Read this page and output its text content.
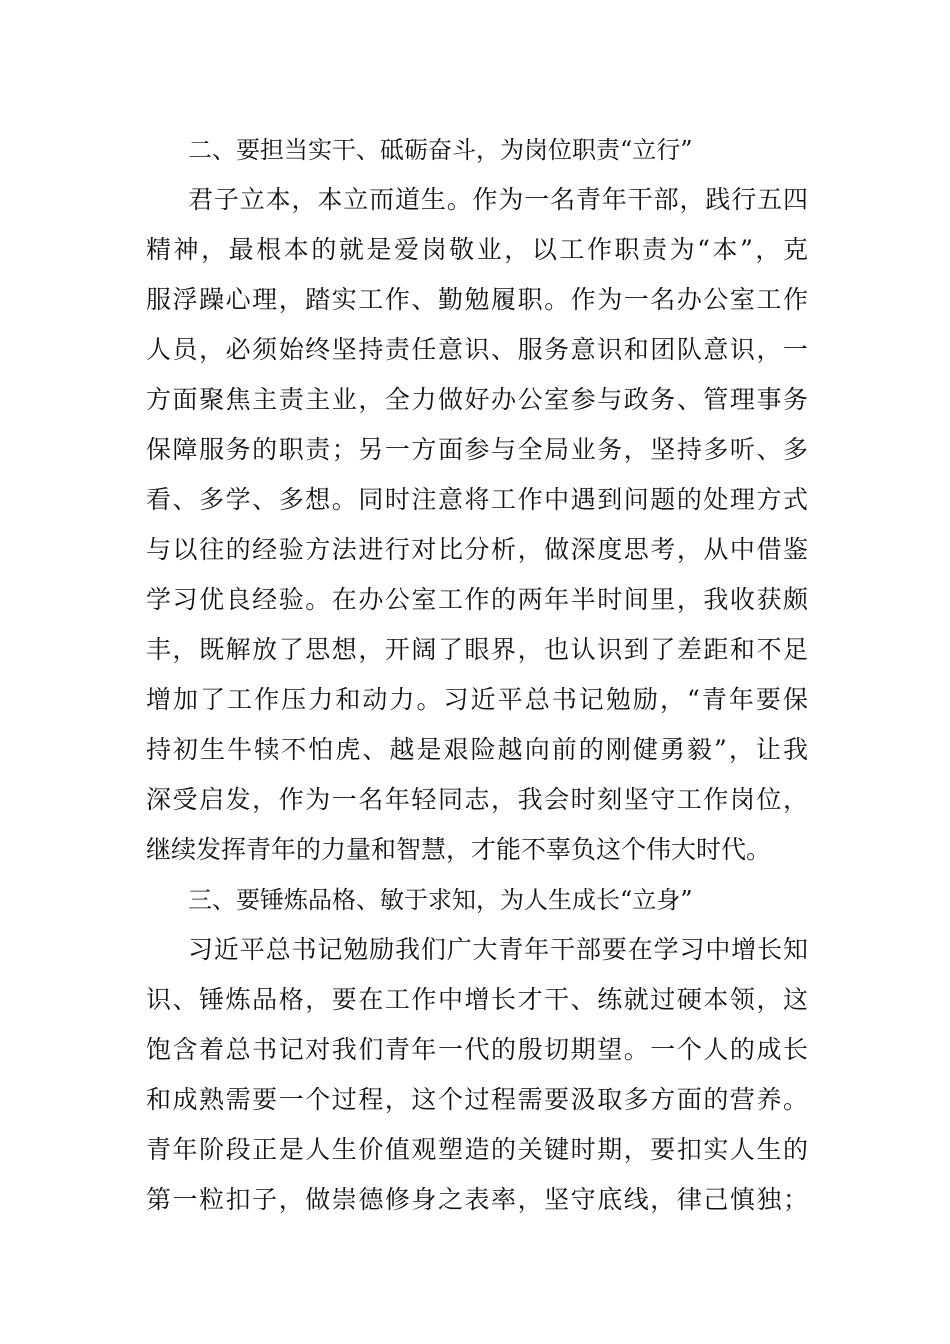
二、要担当实干、砥砺奋斗，为岗位职责“立行”
君子立本，本立而道生。作为一名青年干部，践行五四
精神，最根本的就是爱岗敬业，以工作职责为“本”，克
服浮躁心理，踏实工作、勤勉履职。作为一名办公室工作
人员，必须始终坚持责任意识、服务意识和团队意识，一
方面聚焦主责主业，全力做好办公室参与政务、管理事务
保障服务的职责；另一方面参与全局业务，坚持多听、多
看、多学、多想。同时注意将工作中遇到问题的处理方式
与以往的经验方法进行对比分析，做深度思考，从中借鉴
学习优良经验。在办公室工作的两年半时间里，我收获颇
丰，既解放了思想，开阔了眼界，也认识到了差距和不足
增加了工作压力和动力。习近平总书记勉励，“青年要保
持初生牛犊不怕虎、越是艰险越向前的刚健勇毅”，让我
深受启发，作为一名年轻同志，我会时刻坚守工作岗位，
继续发挥青年的力量和智慧，才能不辜负这个伟大时代。
三、要锤炼品格、敏于求知，为人生成长“立身”
习近平总书记勉励我们广大青年干部要在学习中增长知
识、锤炼品格，要在工作中增长才干、练就过硬本领，这
饱含着总书记对我们青年一代的殷切期望。一个人的成长
和成熟需要一个过程，这个过程需要汲取多方面的营养。
青年阶段正是人生价值观塑造的关键时期，要扣实人生的
第一粒扣子，做崇德修身之表率，坚守底线，律己慎独；
